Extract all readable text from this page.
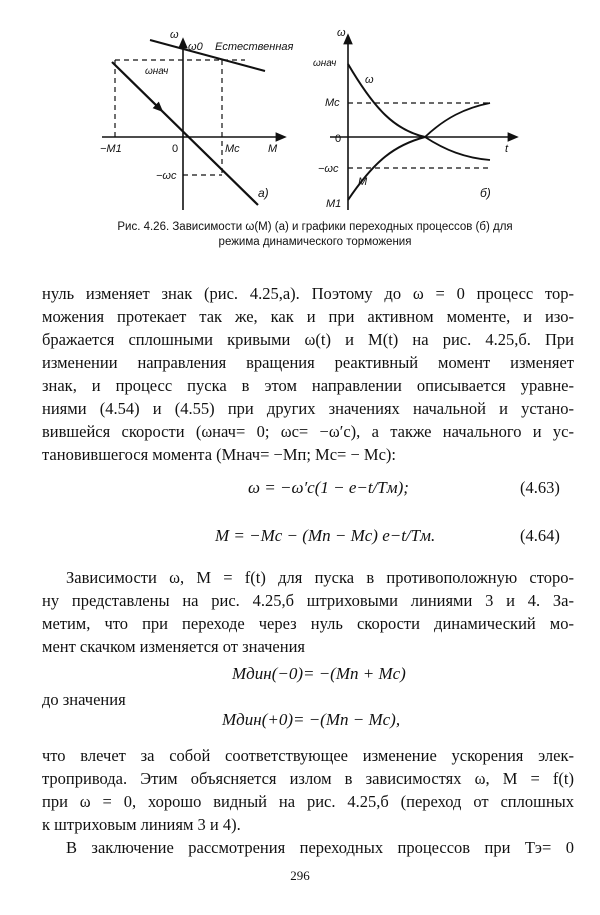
ω
ω0 Естественная
ωнач
M
−M1	0	Mc
−ωc
а)
ω
ωнач
ω
Mc
0
t
−ωc
M
M1
б)
Рис. 4.26. Зависимости ω(M) (а) и графики переходных процессов (б) для
режима динамического торможения
нуль изменяет знак (рис. 4.25,а). Поэтому до ω = 0 процесс тор-
можения протекает так же, как и при активном моменте, и изо-
бражается сплошными кривыми ω(t) и M(t) на рис. 4.25,б. При
изменении направления вращения реактивный момент изменяет
знак, и процесс пуска в этом направлении описывается уравне-
ниями (4.54) и (4.55) при других значениях начальной и устано-
вившейся скорости (ωнач= 0; ωс= −ω′с), а также начального и ус-
тановившегося момента (Mнач= −Mп; Mс= − Mс):
ω = −ω′c(1 − e−t/Tм);	(4.63)
M = −Mc − (Mп − Mc) e−t/Tм.	(4.64)
Зависимости ω, M = f(t) для пуска в противоположную сторо-
ну представлены на рис. 4.25,б штриховыми линиями 3 и 4. За-
метим, что при переходе через нуль скорости динамический мо-
мент скачком изменяется от значения
Mдин(−0)= −(Mп + Mc)
до значения
Mдин(+0)= −(Mп − Mc),
что влечет за собой соответствующее изменение ускорения элек-
тропривода. Этим объясняется излом в зависимостях ω, M = f(t)
при ω = 0, хорошо видный на рис. 4.25,б (переход от сплошных
к штриховым линиям 3 и 4).
В заключение рассмотрения переходных процессов при Tэ= 0
296
